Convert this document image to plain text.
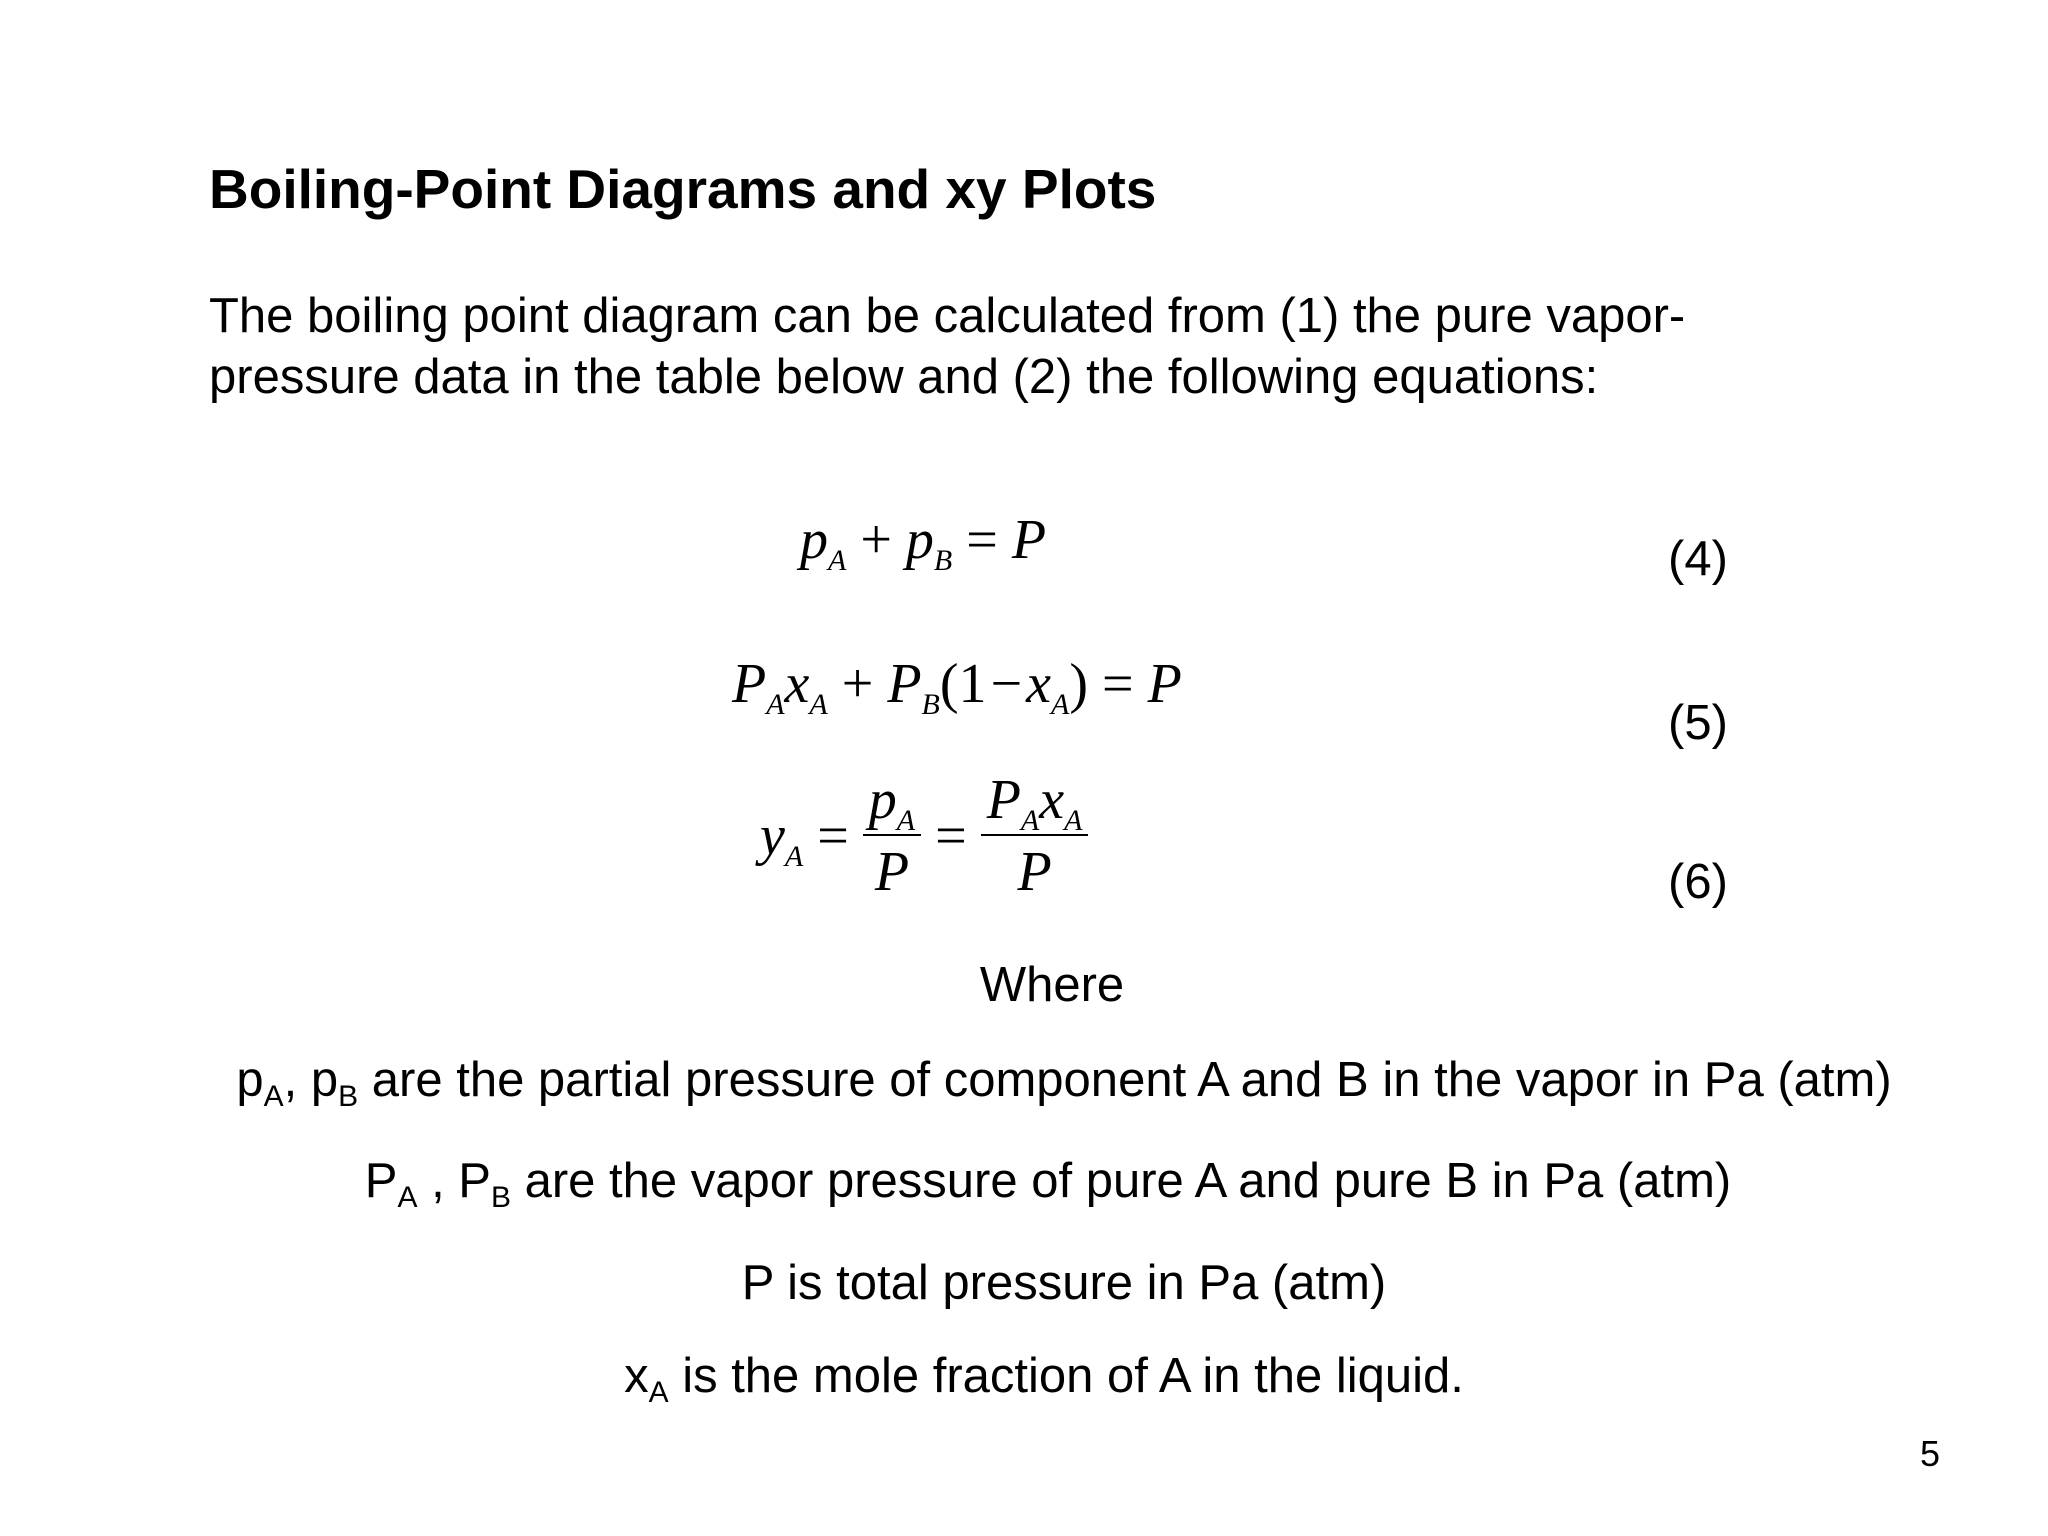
Boiling-Point Diagrams and xy Plots

The boiling point diagram can be calculated from (1) the pure vapor-

pressure data in the table below and (2) the following equations:

$p_A + p_B = P$	(4)
$P_Ax_A + P_B(1-x_A) = P$
(5)
$y_A = \frac{p_A}{P} = \frac{P_Ax_A}{P}$	(6)
Where
$p_A$, $p_B$ are the partial pressure of component A and B in the vapor in Pa (atm)
$P_A$ , $P_B$ are the vapor pressure of pure A and pure B in Pa (atm)
P is total pressure in Pa (atm)
$x_A$ is the mole fraction of A in the liquid.
5
